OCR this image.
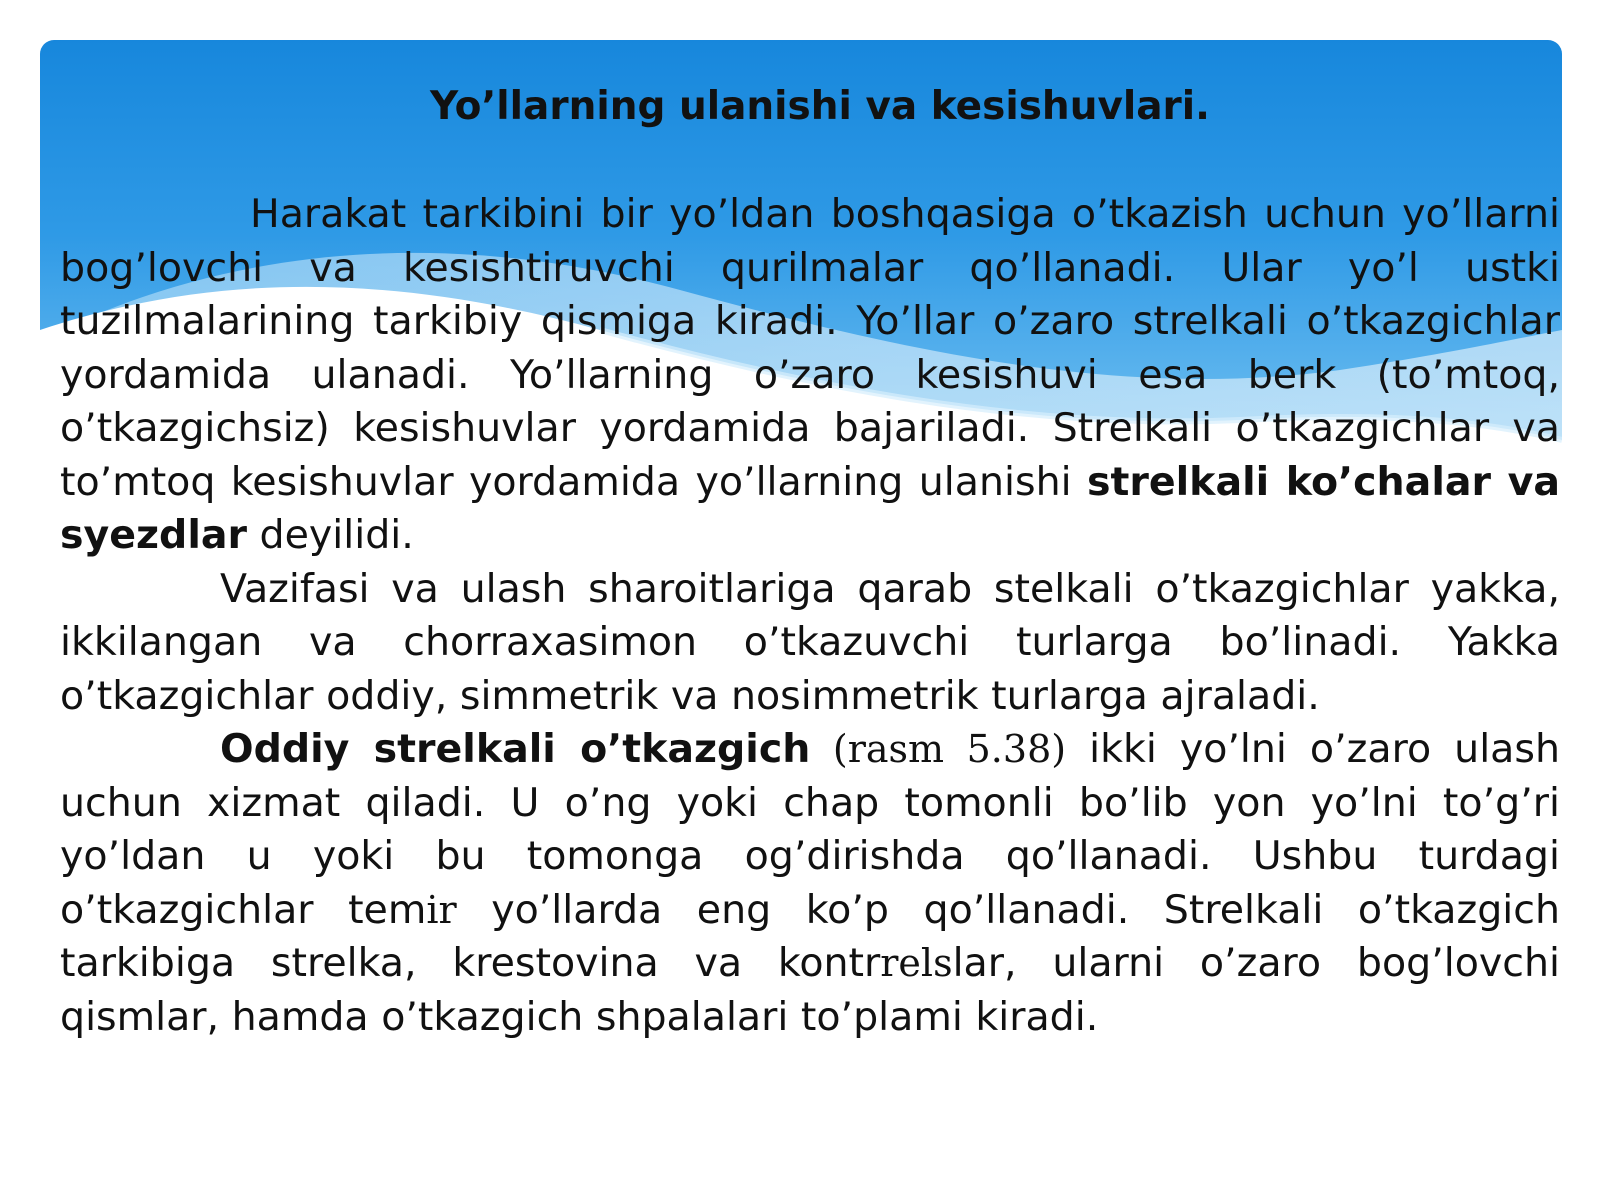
Yo’llarning ulanishi va kesishuvlari.

Harakat tarkibini bir yo’ldan boshqasiga o’tkazish uchun yo’llarni bog’lovchi va kesishtiruvchi qurilmalar qo’llanadi. Ular yo’l ustki tuzilmalarining tarkibiy qismiga kiradi. Yo’llar o’zaro strelkali o’tkazgichlar yordamida ulanadi. Yo’llarning o’zaro kesishuvi esa berk (to’mtoq, o’tkazgichsiz) kesishuvlar yordamida bajariladi. Strelkali o’tkazgichlar va to’mtoq kesishuvlar yordamida yo’llarning ulanishi strelkali ko’chalar va syezdlar deyilidi.

Vazifasi va ulash sharoitlariga qarab stelkali o’tkazgichlar yakka, ikkilangan va chorraxasimon o’tkazuvchi turlarga bo’linadi. Yakka o’tkazgichlar oddiy, simmetrik va nosimmetrik turlarga ajraladi.

Oddiy strelkali o’tkazgich (rasm 5.38) ikki yo’lni o’zaro ulash uchun xizmat qiladi. U o’ng yoki chap tomonli bo’lib yon yo’lni to’g’ri yo’ldan u yoki bu tomonga og’dirishda qo’llanadi. Ushbu turdagi o’tkazgichlar temir yo’llarda eng ko’p qo’llanadi. Strelkali o’tkazgich tarkibiga strelka, krestovina va kontrrelslar, ularni o’zaro bog’lovchi qismlar, hamda o’tkazgich shpalalari to’plami kiradi.
